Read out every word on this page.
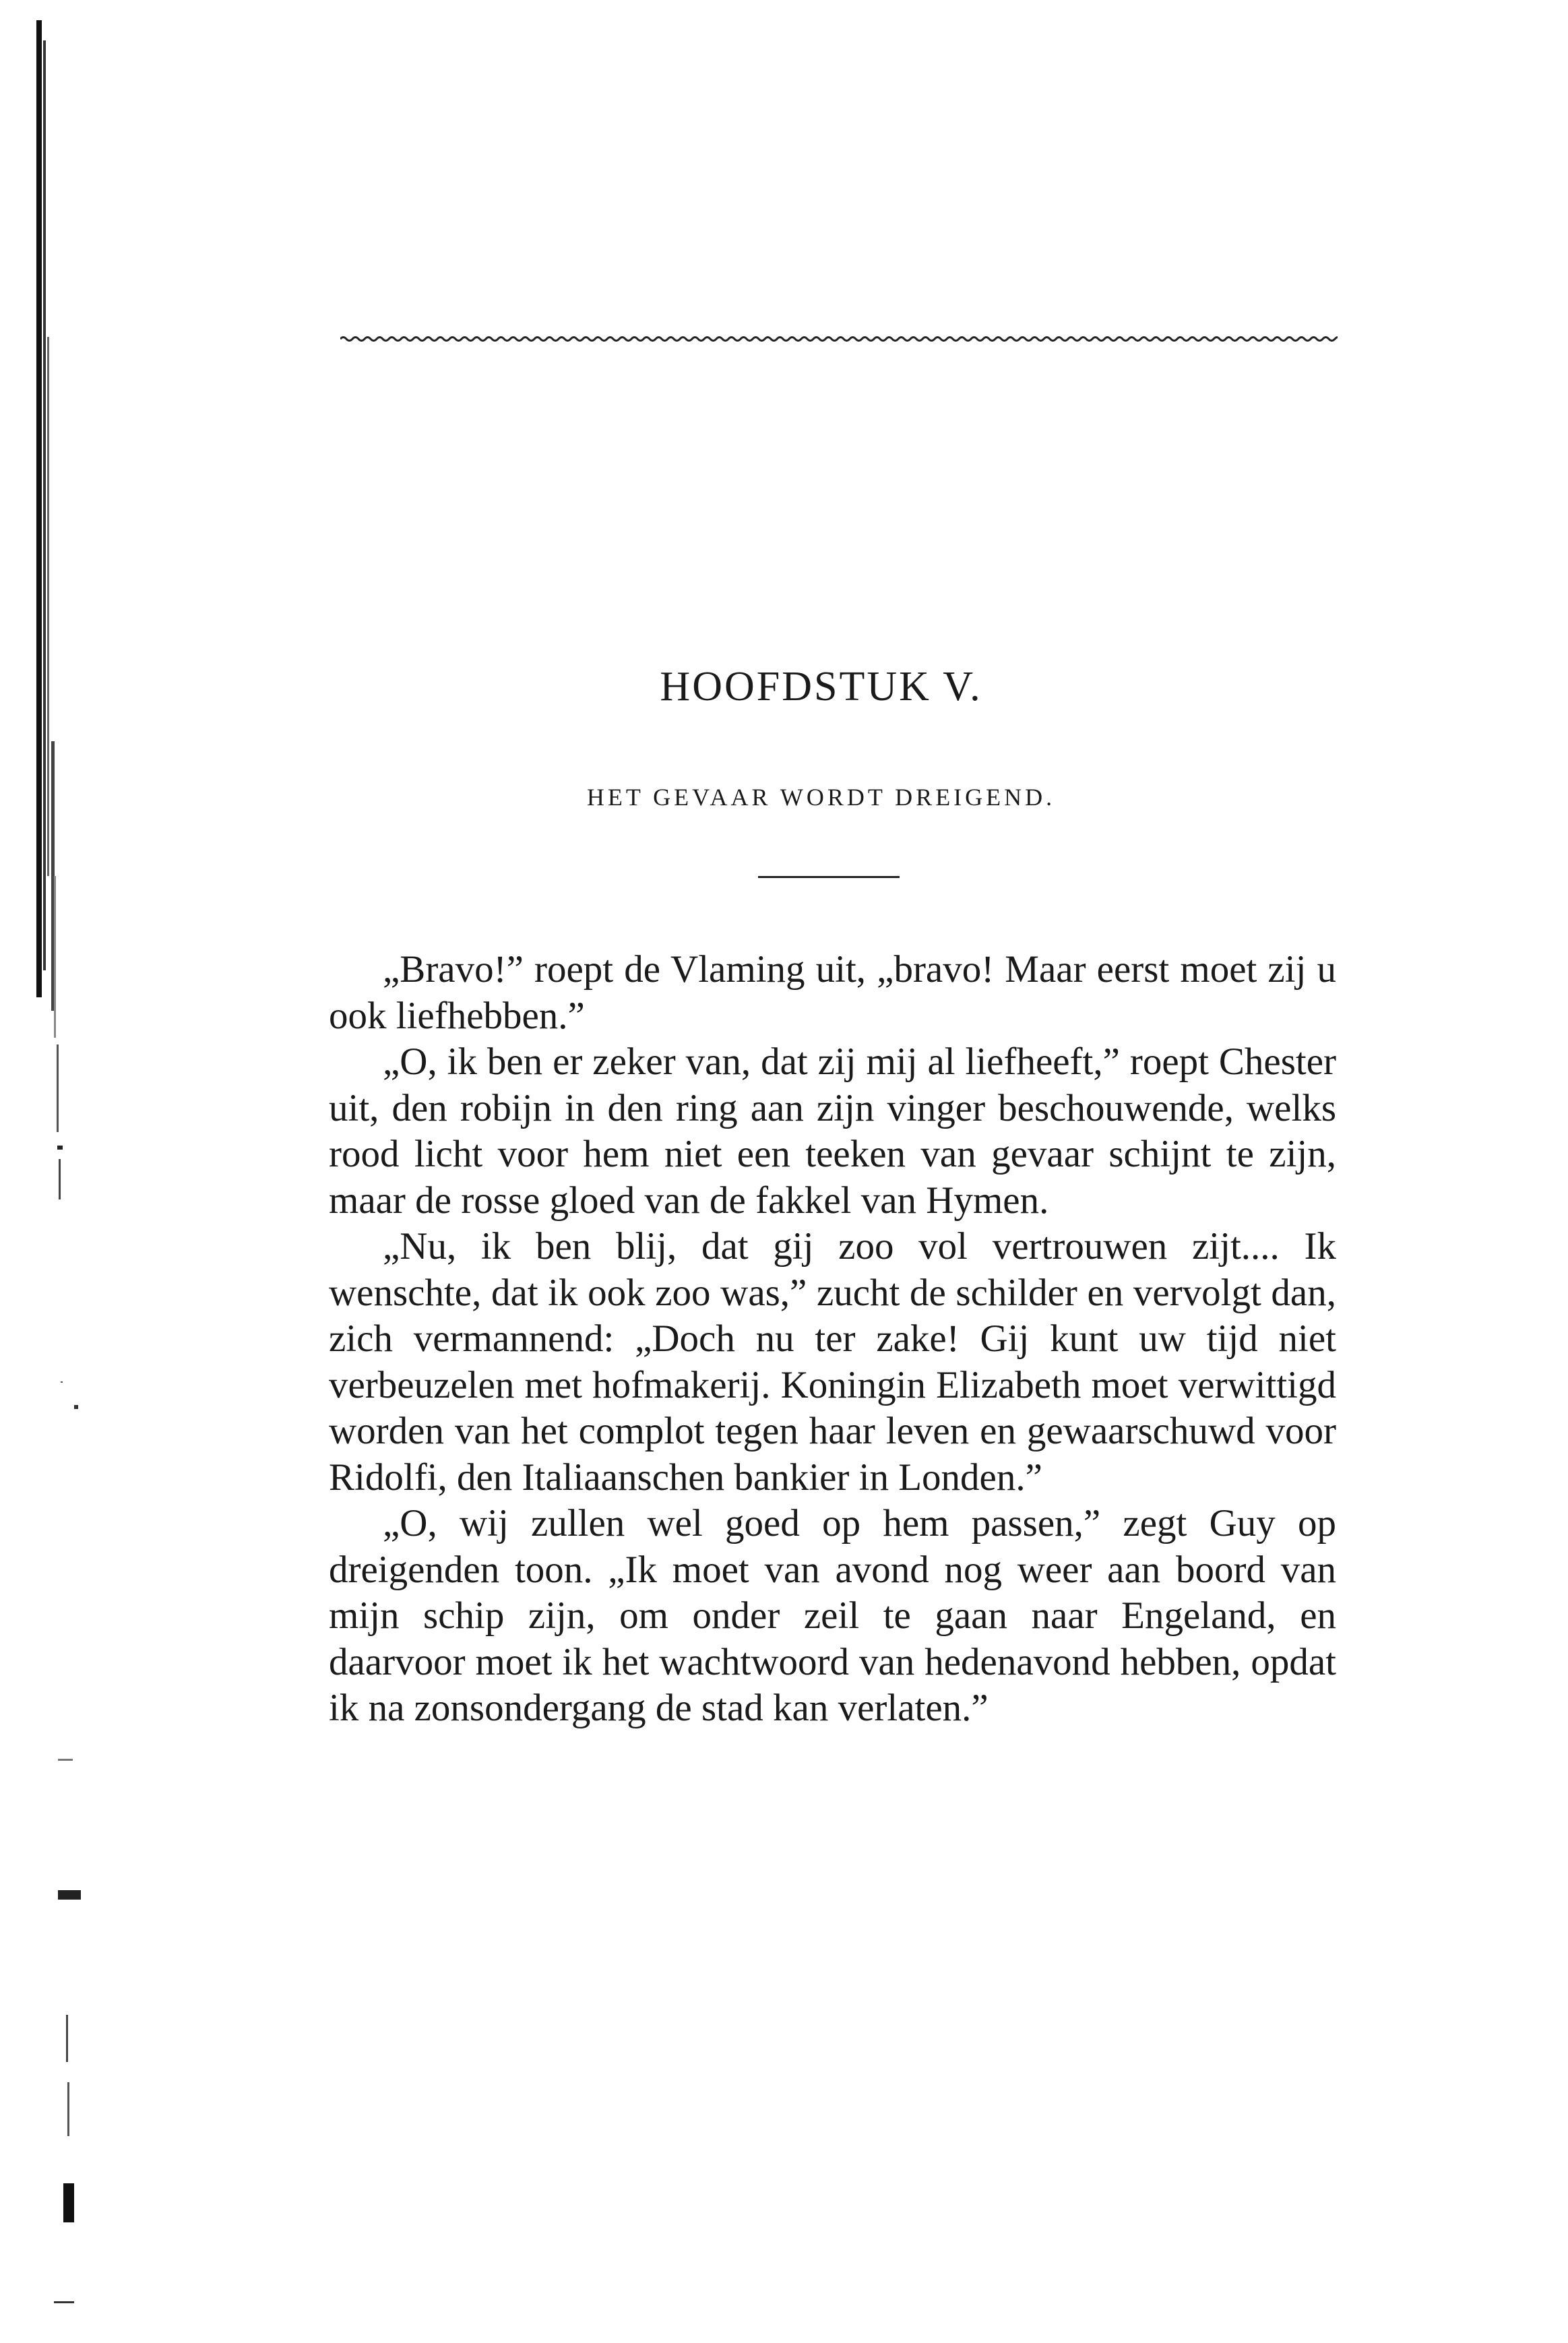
HOOFDSTUK V.
HET GEVAAR WORDT DREIGEND.

„Bravo!” roept de Vlaming uit, „bravo! Maar eerst moet zij u ook liefhebben.”

„O, ik ben er zeker van, dat zij mij al liefheeft,” roept Chester uit, den robijn in den ring aan zijn vinger beschouwende, welks rood licht voor hem niet een teeken van gevaar schijnt te zijn, maar de rosse gloed van de fakkel van Hymen.

„Nu, ik ben blij, dat gij zoo vol vertrouwen zijt.... Ik wenschte, dat ik ook zoo was,” zucht de schilder en vervolgt dan, zich vermannend: „Doch nu ter zake! Gij kunt uw tijd niet verbeuzelen met hofmakerij. Koningin Elizabeth moet verwittigd worden van het complot tegen haar leven en gewaarschuwd voor Ridolfi, den Italiaanschen bankier in Londen.”

„O, wij zullen wel goed op hem passen,” zegt Guy op dreigenden toon. „Ik moet van avond nog weer aan boord van mijn schip zijn, om onder zeil te gaan naar Engeland, en daarvoor moet ik het wachtwoord van hedenavond hebben, opdat ik na zonsondergang de stad kan verlaten.”
